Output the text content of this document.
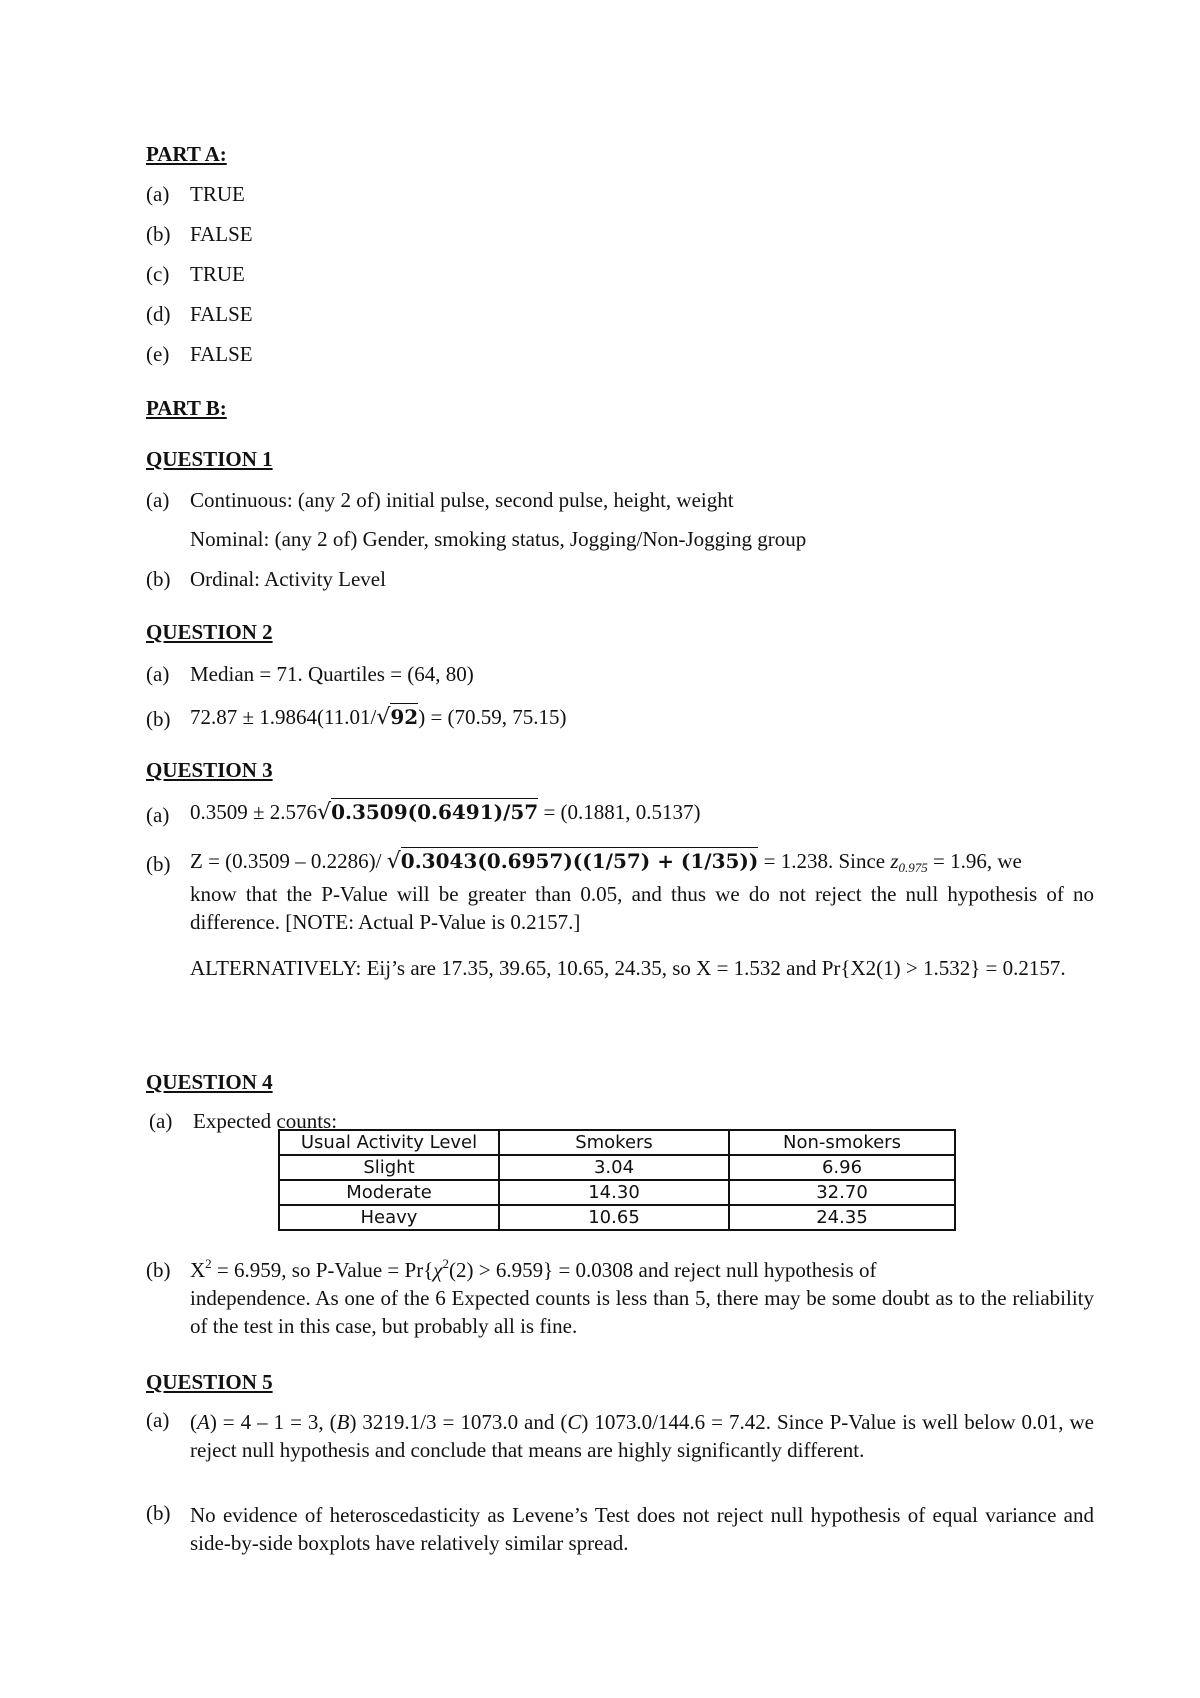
PART A:
(a) TRUE
(b) FALSE
(c) TRUE
(d) FALSE
(e) FALSE
PART B:
QUESTION 1
(a) Continuous: (any 2 of) initial pulse, second pulse, height, weight
Nominal: (any 2 of) Gender, smoking status, Jogging/Non-Jogging group
(b) Ordinal: Activity Level
QUESTION 2
(a) Median = 71. Quartiles = (64, 80)
(b) 72.87 ± 1.9864(11.01/√92) = (70.59, 75.15)
QUESTION 3
(a) 0.3509 ± 2.576√0.3509(0.6491)/57 = (0.1881, 0.5137)
(b) Z = (0.3509 – 0.2286)/ √0.3043(0.6957)((1/57) + (1/35)) = 1.238. Since $z_{0.975} = 1.96$, we
know that the P-Value will be greater than 0.05, and thus we do not reject the null hypothesis of no difference. [NOTE: Actual P-Value is 0.2157.]
ALTERNATIVELY: Eij’s are 17.35, 39.65, 10.65, 24.35, so X = 1.532 and Pr{X2(1) > 1.532} = 0.2157.
QUESTION 4
(a) Expected counts:
Usual Activity Level	Smokers	Non-smokers
Slight	3.04	6.96
Moderate	14.30	32.70
Heavy	10.65	24.35
(b) $X^2 = 6.959$, so P-Value = $Pr\{\chi^2(2) > 6.959\} = 0.0308$ and reject null hypothesis of
independence. As one of the 6 Expected counts is less than 5, there may be some doubt as to the reliability of the test in this case, but probably all is fine.
QUESTION 5
(a) (A) = 4 – 1 = 3, (B) 3219.1/3 = 1073.0 and (C) 1073.0/144.6 = 7.42. Since P-Value is well below 0.01, we reject null hypothesis and conclude that means are highly significantly different.
(b) No evidence of heteroscedasticity as Levene’s Test does not reject null hypothesis of equal variance and side-by-side boxplots have relatively similar spread.
